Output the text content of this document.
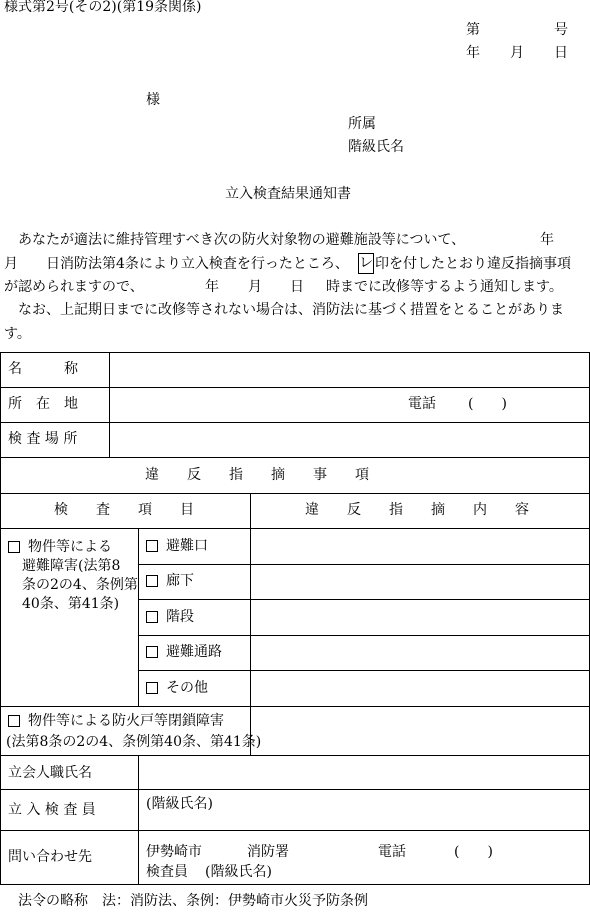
様式第2号(その2)(第19条関係)
第	号
年 月 日
様
所属
階級氏名
立入検査結果通知書
あなたが適法に維持管理すべき次の防火対象物の避難施設等について、	年
月 日消防法第4条により立入検査を行ったところ、 レ 印を付したとおり違反指摘事項
が認められますので、	年 月 日 時までに改修等するよう通知します。
なお、上記期日までに改修等されない場合は、消防法に基づく措置をとることがありま
す。
名　　　称
所　在　地	電話 (　　)
検 査 場 所
違　　反　　指　　摘　　事　　項
検　　査　　項　　目	違　　反　　指　　摘　　内　　容
物件等による
避難障害(法第8
条の2の4、条例第
40条、第41条)
避難口
廊下
階段
避難通路
その他
物件等による防火戸等閉鎖障害
(法第8条の2の4、条例第40条、第41条)
立会人職氏名
立 入 検 査 員	(階級氏名)
問い合わせ先	伊勢崎市	消防署	電話	(　　)
検査員 (階級氏名)
法令の略称　法：消防法、条例：伊勢崎市火災予防条例
